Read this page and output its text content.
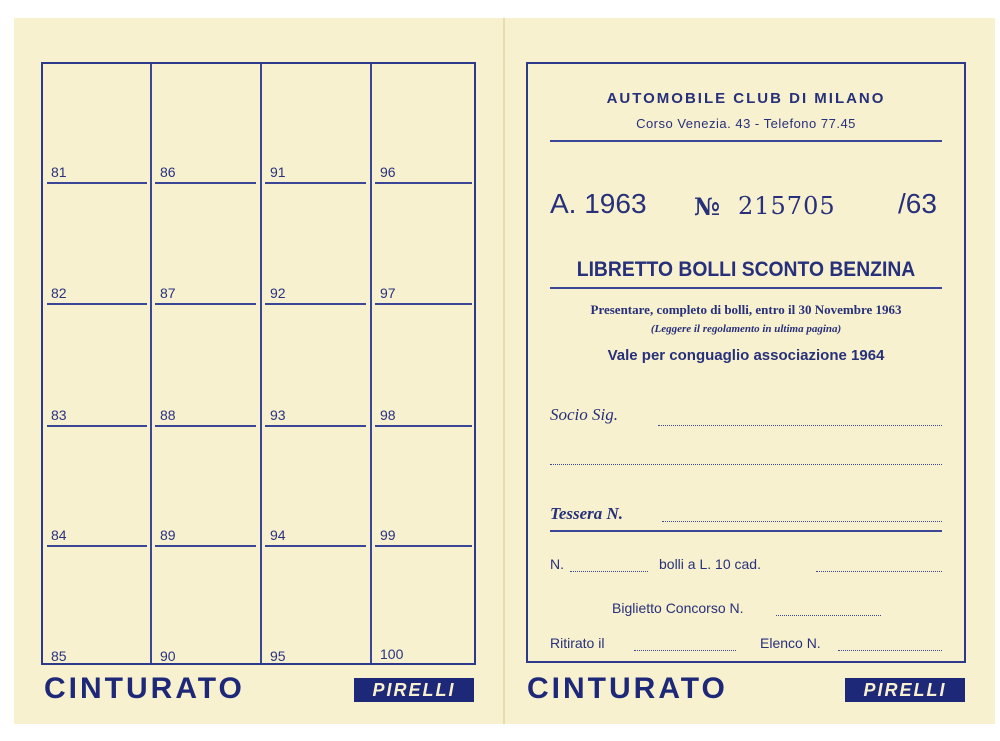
81	86	91	96
82	87	92	97
83	88	93	98
84	89	94	99
85	90	95	100
CINTURATO	PIRELLI
AUTOMOBILE CLUB DI MILANO
Corso Venezia. 43 - Telefono 77.45
A. 1963 № 215705 /63
LIBRETTO BOLLI SCONTO BENZINA
Presentare, completo di bolli, entro il 30 Novembre 1963
(Leggere il regolamento in ultima pagina)
Vale per conguaglio associazione 1964
Socio Sig.
Tessera N.
N.	bolli a L. 10 cad.
Biglietto Concorso N.
Ritirato il	Elenco N.
CINTURATO	PIRELLI
